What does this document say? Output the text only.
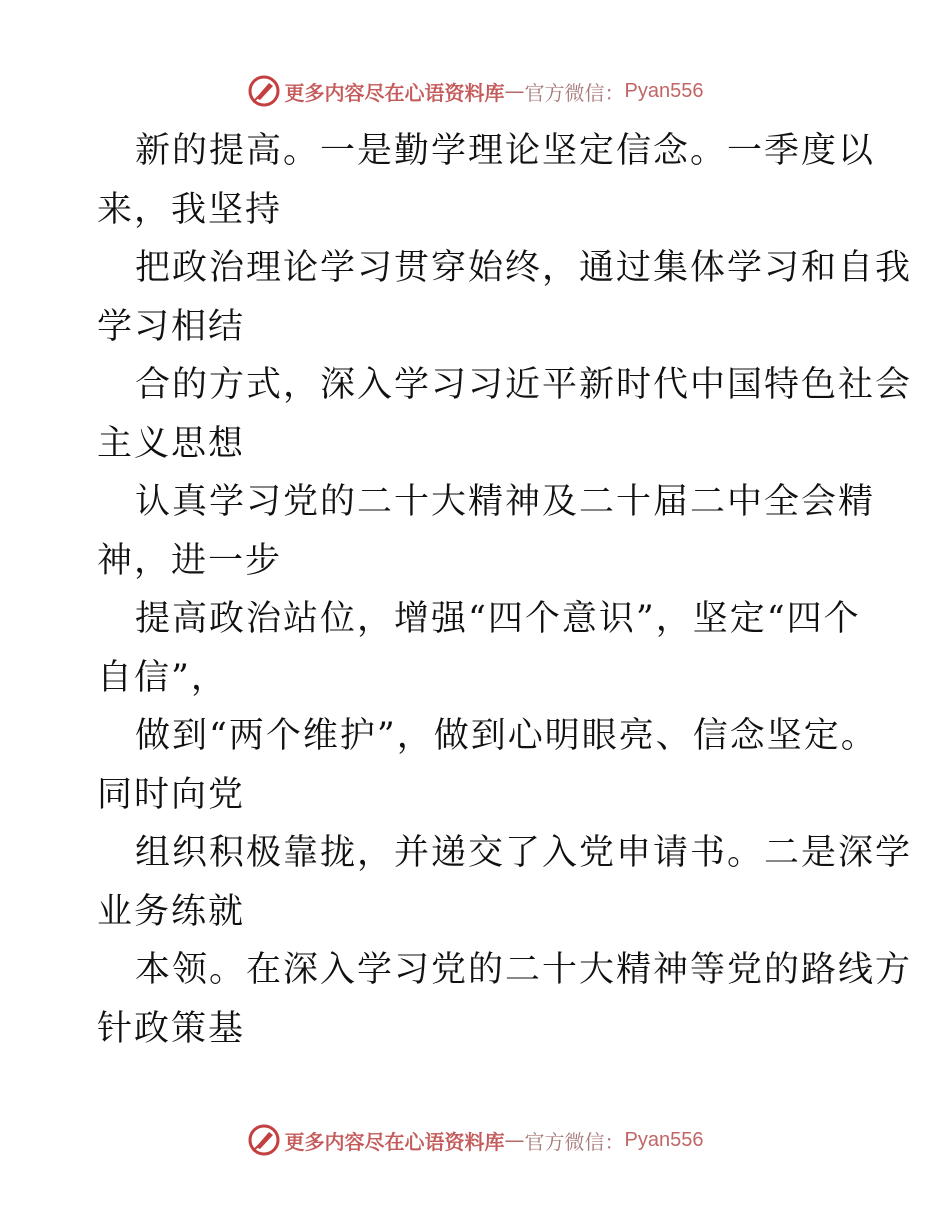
更多内容尽在心语资料库 — 官方微信： Pyan556
新的提高。一是勤学理论坚定信念。一季度以
来，我坚持
把政治理论学习贯穿始终，通过集体学习和自我
学习相结
合的方式，深入学习习近平新时代中国特色社会
主义思想
认真学习党的二十大精神及二十届二中全会精
神，进一步
提高政治站位，增强“四个意识”，坚定“四个
自信”，
做到“两个维护”，做到心明眼亮、信念坚定。
同时向党
组织积极靠拢，并递交了入党申请书。二是深学
业务练就
本领。在深入学习党的二十大精神等党的路线方
针政策基
更多内容尽在心语资料库 — 官方微信： Pyan556
